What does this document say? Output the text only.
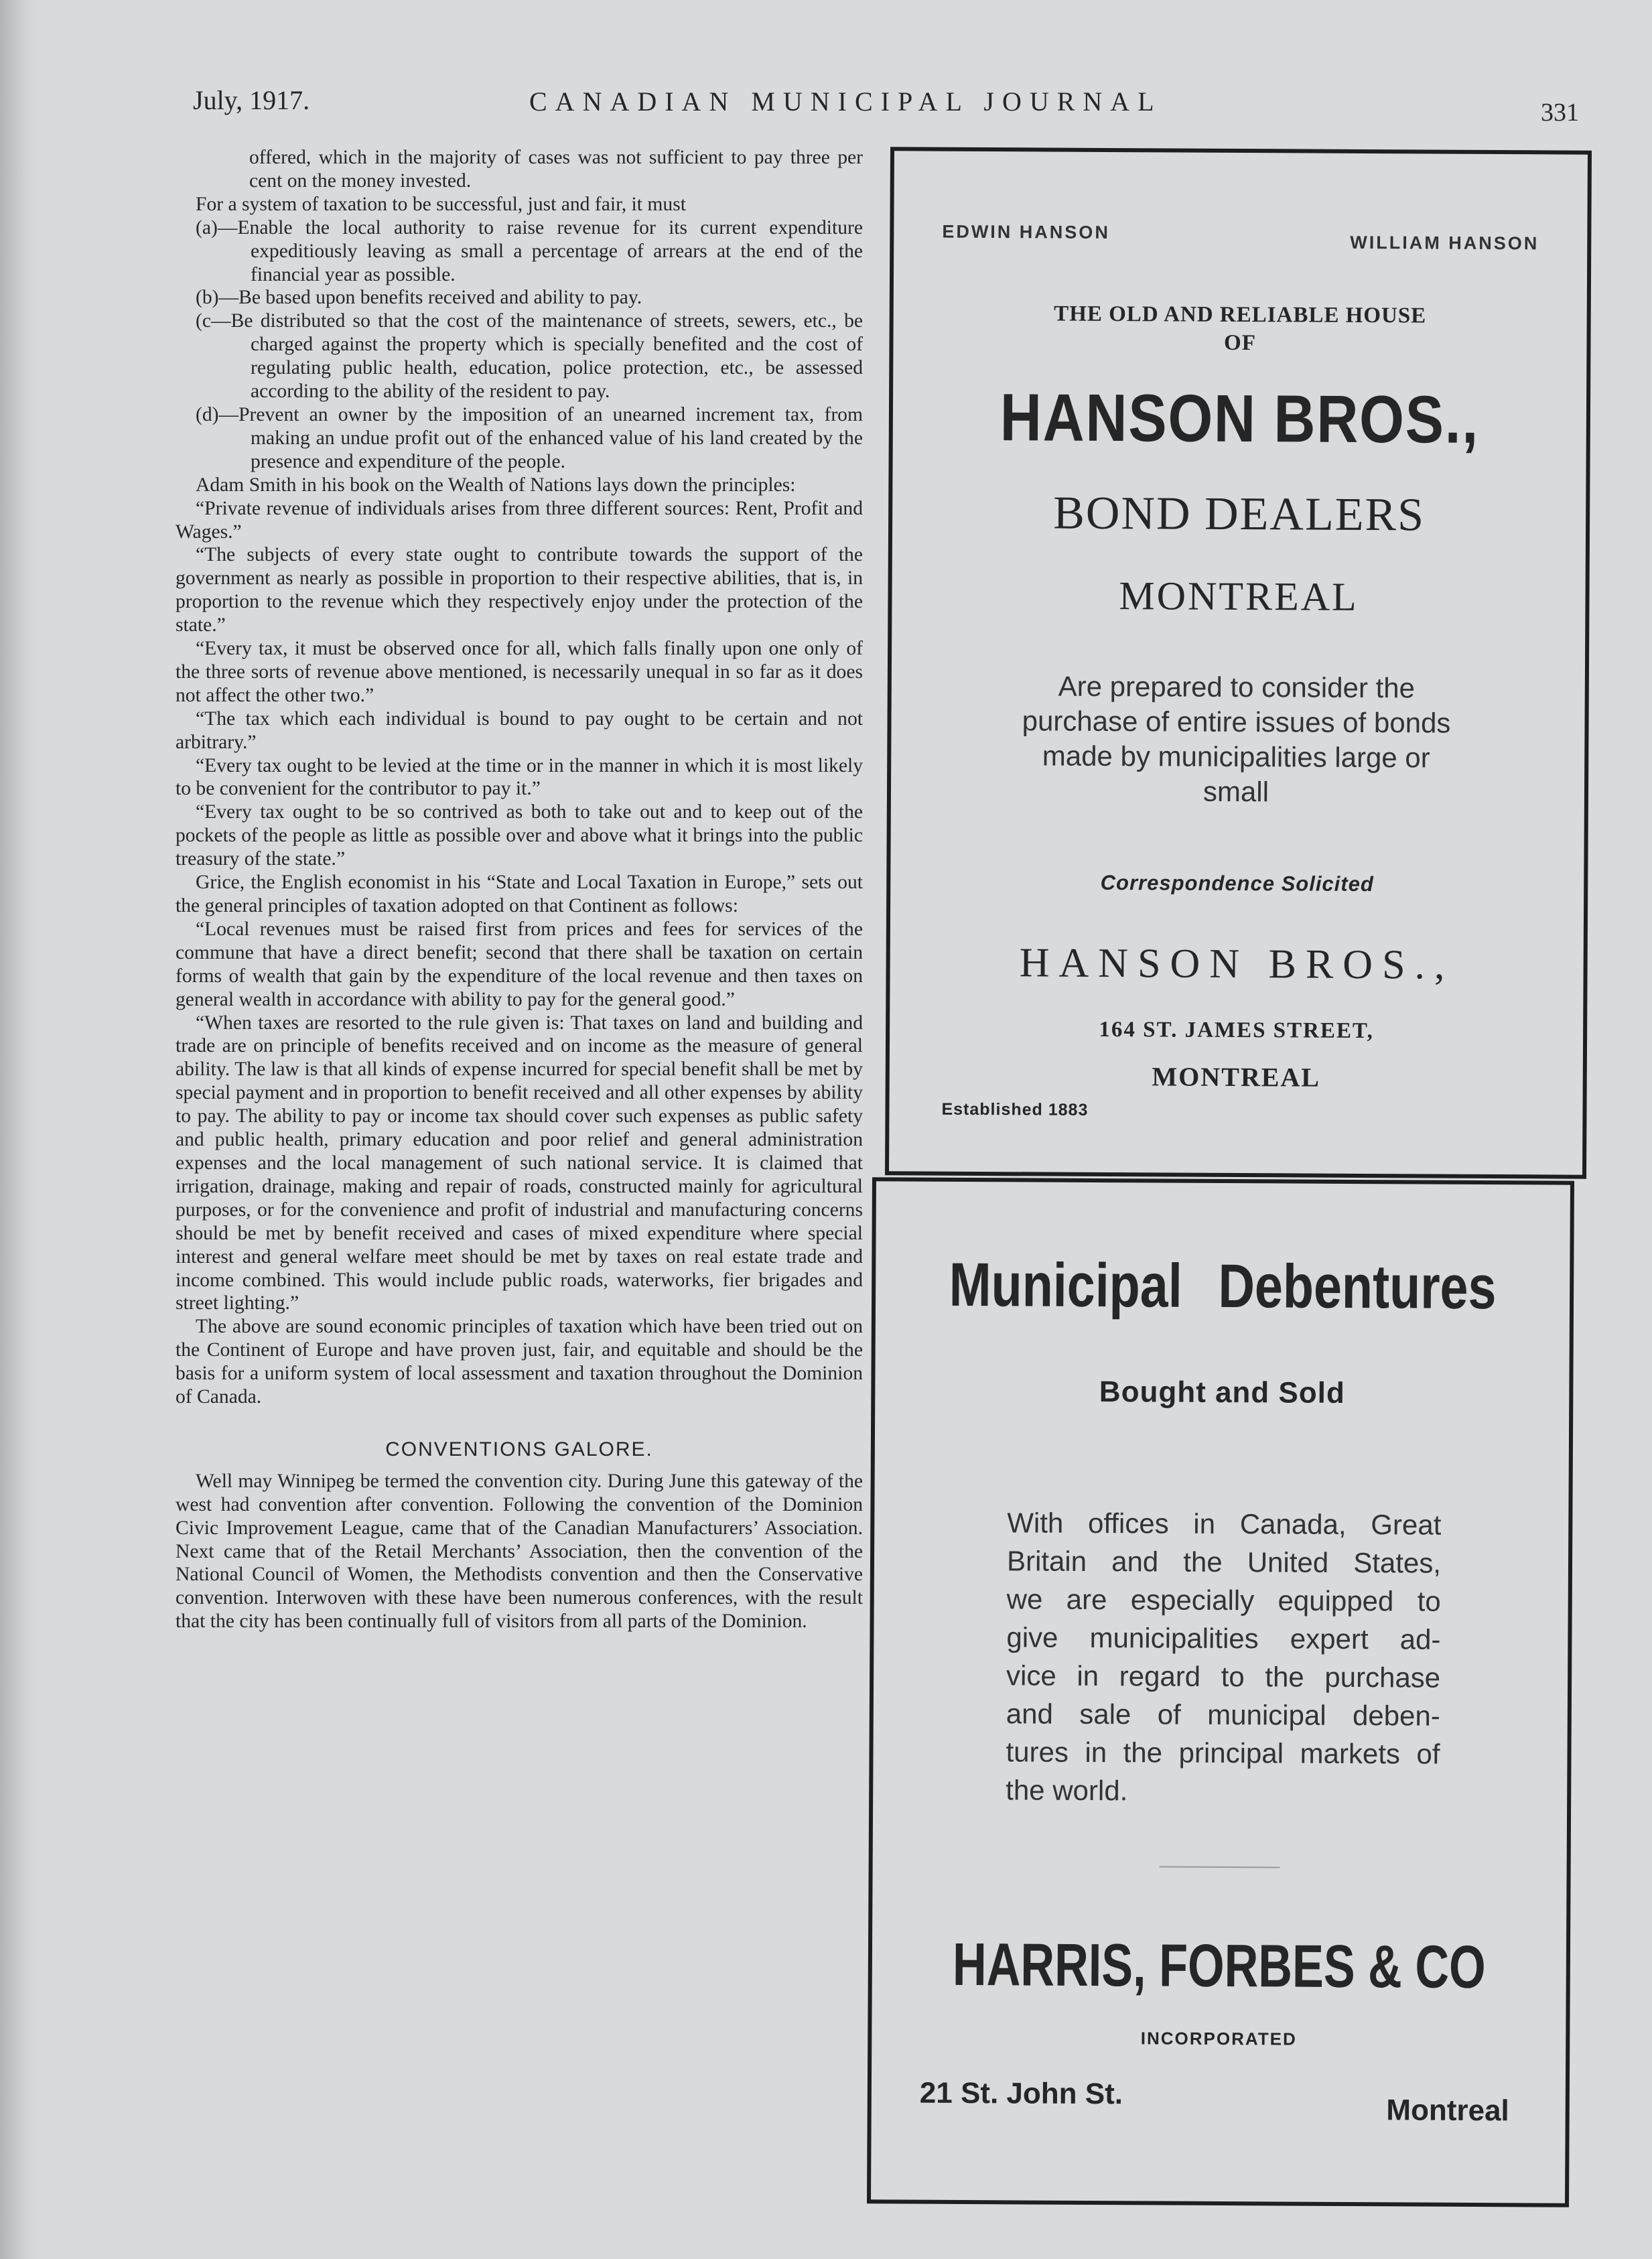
July, 1917.	CANADIAN MUNICIPAL JOURNAL	331

offered, which in the majority of cases was not sufficient to pay three per cent on the money invested.

For a system of taxation to be successful, just and fair, it must

(a)—Enable the local authority to raise revenue for its current expenditure expeditiously leaving as small a percentage of arrears at the end of the financial year as possible.

(b)—Be based upon benefits received and ability to pay.

(c—Be distributed so that the cost of the maintenance of streets, sewers, etc., be charged against the property which is specially benefited and the cost of regulating public health, education, police protection, etc., be assessed according to the ability of the resident to pay.

(d)—Prevent an owner by the imposition of an unearned increment tax, from making an undue profit out of the enhanced value of his land created by the presence and expenditure of the people.

Adam Smith in his book on the Wealth of Nations lays down the principles:

“Private revenue of individuals arises from three different sources: Rent, Profit and Wages.”

“The subjects of every state ought to contribute towards the support of the government as nearly as possible in proportion to their respective abilities, that is, in proportion to the revenue which they respectively enjoy under the protection of the state.”

“Every tax, it must be observed once for all, which falls finally upon one only of the three sorts of revenue above mentioned, is necessarily unequal in so far as it does not affect the other two.”

“The tax which each individual is bound to pay ought to be certain and not arbitrary.”

“Every tax ought to be levied at the time or in the manner in which it is most likely to be convenient for the contributor to pay it.”

“Every tax ought to be so contrived as both to take out and to keep out of the pockets of the people as little as possible over and above what it brings into the public treasury of the state.”

Grice, the English economist in his “State and Local Taxation in Europe,” sets out the general principles of taxation adopted on that Continent as follows:

“Local revenues must be raised first from prices and fees for services of the commune that have a direct benefit; second that there shall be taxation on certain forms of wealth that gain by the expenditure of the local revenue and then taxes on general wealth in accordance with ability to pay for the general good.”

“When taxes are resorted to the rule given is: That taxes on land and building and trade are on principle of benefits received and on income as the measure of general ability. The law is that all kinds of expense incurred for special benefit shall be met by special payment and in proportion to benefit received and all other expenses by ability to pay. The ability to pay or income tax should cover such expenses as public safety and public health, primary education and poor relief and general administration expenses and the local management of such national service. It is claimed that irrigation, drainage, making and repair of roads, constructed mainly for agricultural purposes, or for the convenience and profit of industrial and manufacturing concerns should be met by benefit received and cases of mixed expenditure where special interest and general welfare meet should be met by taxes on real estate trade and income combined. This would include public roads, waterworks, fier brigades and street lighting.”

The above are sound economic principles of taxation which have been tried out on the Continent of Europe and have proven just, fair, and equitable and should be the basis for a uniform system of local assessment and taxation throughout the Dominion of Canada.

CONVENTIONS GALORE.

Well may Winnipeg be termed the convention city. During June this gateway of the west had convention after convention. Following the convention of the Dominion Civic Improvement League, came that of the Canadian Manufacturers’ Association. Next came that of the Retail Merchants’ Association, then the convention of the National Council of Women, the Methodists convention and then the Conservative convention. Interwoven with these have been numerous conferences, with the result that the city has been continually full of visitors from all parts of the Dominion.

EDWIN HANSON
WILLIAM HANSON
THE OLD AND RELIABLE HOUSE
OF
HANSON BROS.,
BOND DEALERS
MONTREAL
Are prepared to consider the purchase of entire issues of bonds made by municipalities large or small
Correspondence Solicited
HANSON BROS.,
164 ST. JAMES STREET,
MONTREAL
Established 1883
Municipal Debentures
Bought and Sold
With offices in Canada, Great
Britain and the United States,
we are especially equipped to
give municipalities expert ad-
vice in regard to the purchase
and sale of municipal deben-
tures in the principal markets of
the world.
HARRIS, FORBES & CO
INCORPORATED
21 St. John St.
Montreal
